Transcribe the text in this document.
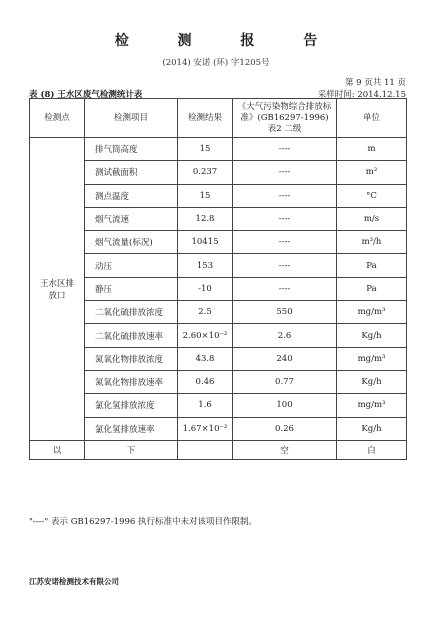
检 测 报 告
(2014) 安诺 (环) 字1205号
第 9 页共 11 页
表 (8) 王水区废气检测统计表	采样时间: 2014.12.15
检测点	检测项目	检测结果	《大气污染物综合排放标准》(GB16297-1996) 表2 二级	单位
王水区排放口	排气筒高度	15	----	m
	测试截面积	0.237	----	m²
	测点温度	15	----	°C
	烟气流速	12.8	----	m/s
	烟气流量(标况)	10415	----	m³/h
	动压	153	----	Pa
	静压	-10	----	Pa
	二氧化硫排放浓度	2.5	550	mg/m³
	二氧化硫排放速率	2.60×10⁻²	2.6	Kg/h
	氮氧化物排放浓度	43.8	240	mg/m³
	氮氧化物排放速率	0.46	0.77	Kg/h
	氯化氢排放浓度	1.6	100	mg/m³
	氯化氢排放速率	1.67×10⁻²	0.26	Kg/h
以	下		空	白
"----" 表示 GB16297-1996 执行标准中未对该项目作限制。
江苏安诺检测技术有限公司
